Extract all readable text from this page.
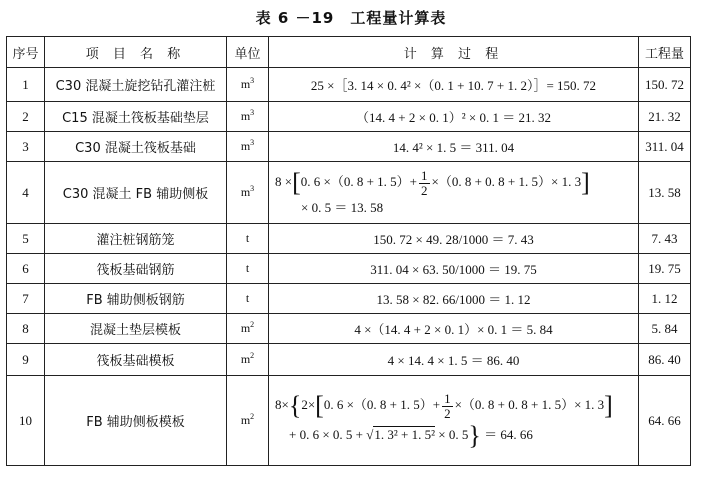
表 6 －19　工程量计算表
序号	项 目 名 称	单位	计 算 过 程	工程量
1	C30 混凝土旋挖钻孔灌注桩	$m^3$	25 ×［3. 14 × 0. 4² ×（0. 1 + 10. 7 + 1. 2）］= 150. 72	150. 72
2	C15 混凝土筏板基础垫层	$m^3$	（14. 4 + 2 × 0. 1）² × 0. 1 ＝ 21. 32	21. 32
3	C30 混凝土筏板基础	$m^3$	14. 4² × 1. 5 ＝ 311. 04	311. 04
4	C30 混凝土 FB 辅助侧板	$m^3$	8 ×[0. 6 ×（0. 8 + 1. $5)+ \frac{1}{2} \times(0$. 8 + 0. 8 + 1. 5）× 1. 3]
× 0. 5 ＝ 13. 58	13. 58
5	灌注桩钢筋笼	t	150. 72 × 49. 28/1000 ＝ 7. 43	7. 43
6	筏板基础钢筋	t	311. 04 × 63. 50/1000 ＝ 19. 75	19. 75
7	FB 辅助侧板钢筋	t	13. 58 × 82. 66/1000 ＝ 1. 12	1. 12
8	混凝土垫层模板	$m^2$	4 ×（14. 4 + 2 × 0. 1）× 0. 1 ＝ 5. 84	5. 84
9	筏板基础模板	$m^2$	4 × 14. 4 × 1. 5 ＝ 86. 40	86. 40
10	FB 辅助侧板模板	$m^2$	8×{2×[0. 6 ×（0. 8 + 1. $5)+ \frac{1}{2} \times(0$. 8 + 0. 8 + 1. 5）× 1. 3]
+ 0. 6 × 0. 5 + √1. 3² + 1. 5² × 0. 5} ＝ 64. 66	64. 66
